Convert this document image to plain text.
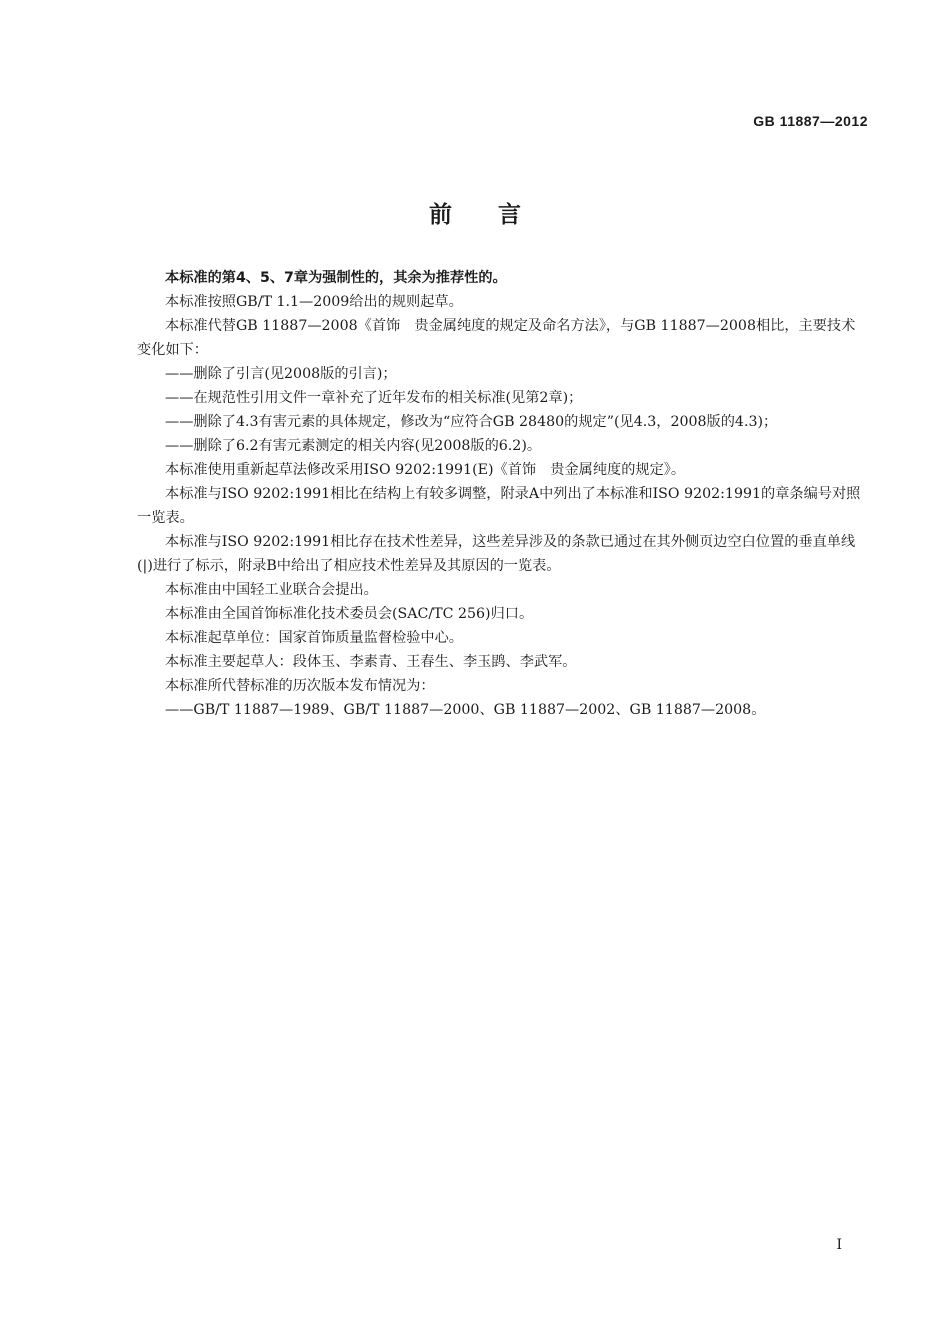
GB 11887—2012
前 言

本标准的第4、5、7章为强制性的，其余为推荐性的。

本标准按照GB/T 1.1—2009给出的规则起草。

本标准代替GB 11887—2008《首饰　贵金属纯度的规定及命名方法》，与GB 11887—2008相比，主要技术变化如下：

——删除了引言(见2008版的引言)；

——在规范性引用文件一章补充了近年发布的相关标准(见第2章)；

——删除了4.3有害元素的具体规定，修改为“应符合GB 28480的规定”(见4.3，2008版的4.3)；

——删除了6.2有害元素测定的相关内容(见2008版的6.2)。

本标准使用重新起草法修改采用ISO 9202:1991(E)《首饰　贵金属纯度的规定》。

本标准与ISO 9202:1991相比在结构上有较多调整，附录A中列出了本标准和ISO 9202:1991的章条编号对照一览表。

本标准与ISO 9202:1991相比存在技术性差异，这些差异涉及的条款已通过在其外侧页边空白位置的垂直单线(|)进行了标示，附录B中给出了相应技术性差异及其原因的一览表。

本标准由中国轻工业联合会提出。

本标准由全国首饰标准化技术委员会(SAC/TC 256)归口。

本标准起草单位：国家首饰质量监督检验中心。

本标准主要起草人：段体玉、李素青、王春生、李玉鹍、李武军。

本标准所代替标准的历次版本发布情况为：

——GB/T 11887—1989、GB/T 11887—2000、GB 11887—2002、GB 11887—2008。

I
